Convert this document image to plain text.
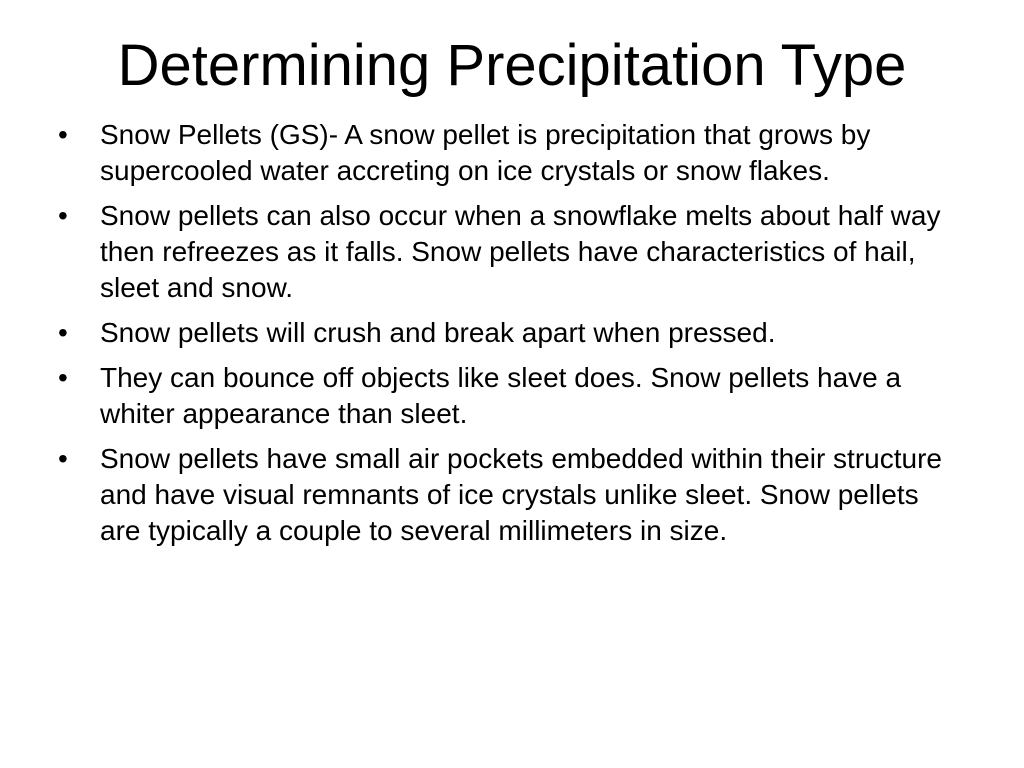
Determining Precipitation Type
•	Snow Pellets (GS)- A snow pellet is precipitation that grows by supercooled water accreting on ice crystals or snow flakes.
•	Snow pellets can also occur when a snowflake melts about half way then refreezes as it falls. Snow pellets have characteristics of hail, sleet and snow.
•	Snow pellets will crush and break apart when pressed.
•	They can bounce off objects like sleet does. Snow pellets have a whiter appearance than sleet.
•	Snow pellets have small air pockets embedded within their structure and have visual remnants of ice crystals unlike sleet. Snow pellets are typically a couple to several millimeters in size.
